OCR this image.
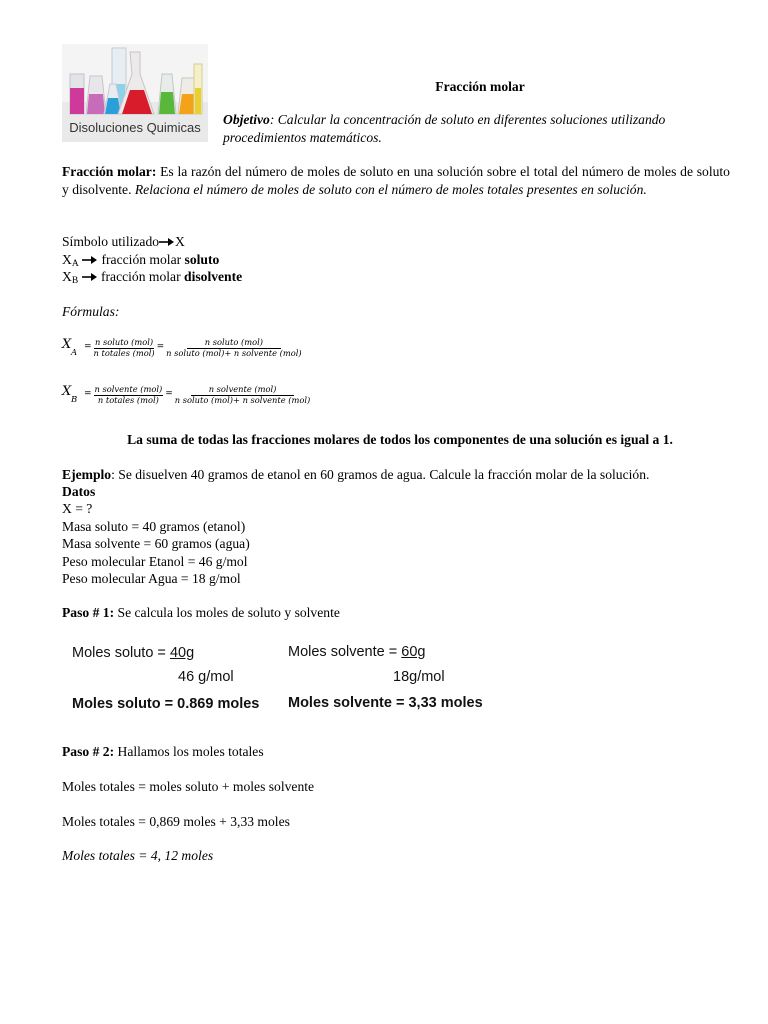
Disoluciones Quimicas
Fracción molar
Objetivo: Calcular la concentración de soluto en diferentes soluciones utilizando procedimientos matemáticos.
Fracción molar: Es la razón del número de moles de soluto en una solución sobre el total del número de moles de soluto y disolvente. Relaciona el número de moles de soluto con el número de moles totales presentes en solución.
Símbolo utilizado X
$X_A$  fracción molar soluto
$X_B$  fracción molar disolvente
Fórmulas:
X
A
= $\frac{\text{n soluto (mol)}}{\text{n totales (mol)}} = \frac{\text{n soluto (mol)}}{\text{n soluto (mol)+ n solvente (mol)}}$
X
B
= $\frac{\text{n solvente (mol)}}{\text{n totales (mol)}} = \frac{\text{n solvente (mol)}}{\text{n soluto (mol)+ n solvente (mol)}}$
La suma de todas las fracciones molares de todos los componentes de una solución es igual a 1.
Ejemplo: Se disuelven 40 gramos de etanol en 60 gramos de agua. Calcule la fracción molar de la solución.
Datos
X = ?
Masa soluto = 40 gramos (etanol)
Masa solvente = 60 gramos (agua)
Peso molecular Etanol = 46 g/mol
Peso molecular Agua = 18 g/mol
Paso # 1: Se calcula los moles de soluto y solvente
Moles soluto = 40g
46 g/mol
Moles soluto = 0.869 moles
Moles solvente = 60g
18g/mol
Moles solvente = 3,33 moles
Paso # 2: Hallamos los moles totales
Moles totales = moles soluto + moles solvente
Moles totales = 0,869 moles + 3,33 moles
Moles totales = 4, 12 moles
